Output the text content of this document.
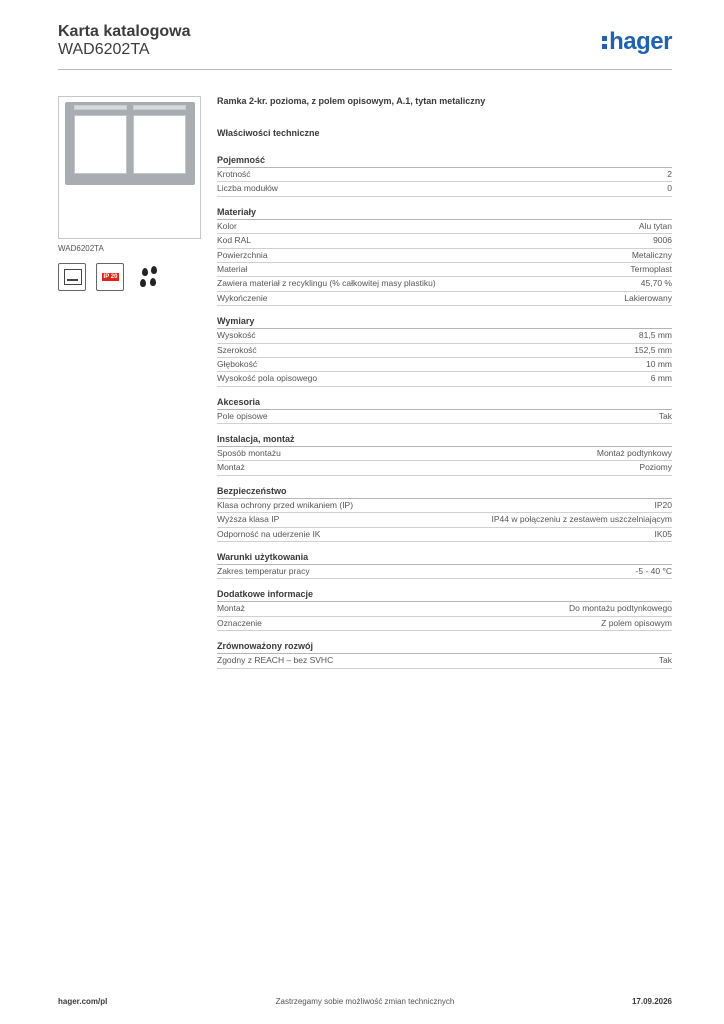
Karta katalogowa
WAD6202TA	hager
WAD6202TA
IP 20
Ramka 2-kr. pozioma, z polem opisowym, A.1, tytan metaliczny
Właściwości techniczne
Pojemność
Krotność	2
Liczba modułów	0
Materiały
Kolor	Alu tytan
Kod RAL	9006
Powierzchnia	Metaliczny
Materiał	Termoplast
Zawiera materiał z recyklingu (% całkowitej masy plastiku)	45,70 %
Wykończenie	Lakierowany
Wymiary
Wysokość	81,5 mm
Szerokość	152,5 mm
Głębokość	10 mm
Wysokość pola opisowego	6 mm
Akcesoria
Pole opisowe	Tak
Instalacja, montaż
Sposób montażu	Montaż podtynkowy
Montaż	Poziomy
Bezpieczeństwo
Klasa ochrony przed wnikaniem (IP)	IP20
Wyższa klasa IP	IP44 w połączeniu z zestawem uszczelniającym
Odporność na uderzenie IK	IK05
Warunki użytkowania
Zakres temperatur pracy	-5 - 40 °C
Dodatkowe informacje
Montaż	Do montażu podtynkowego
Oznaczenie	Z polem opisowym
Zrównoważony rozwój
Zgodny z REACH – bez SVHC	Tak
hager.com/pl	Zastrzegamy sobie możliwość zmian technicznych	17.09.2026
